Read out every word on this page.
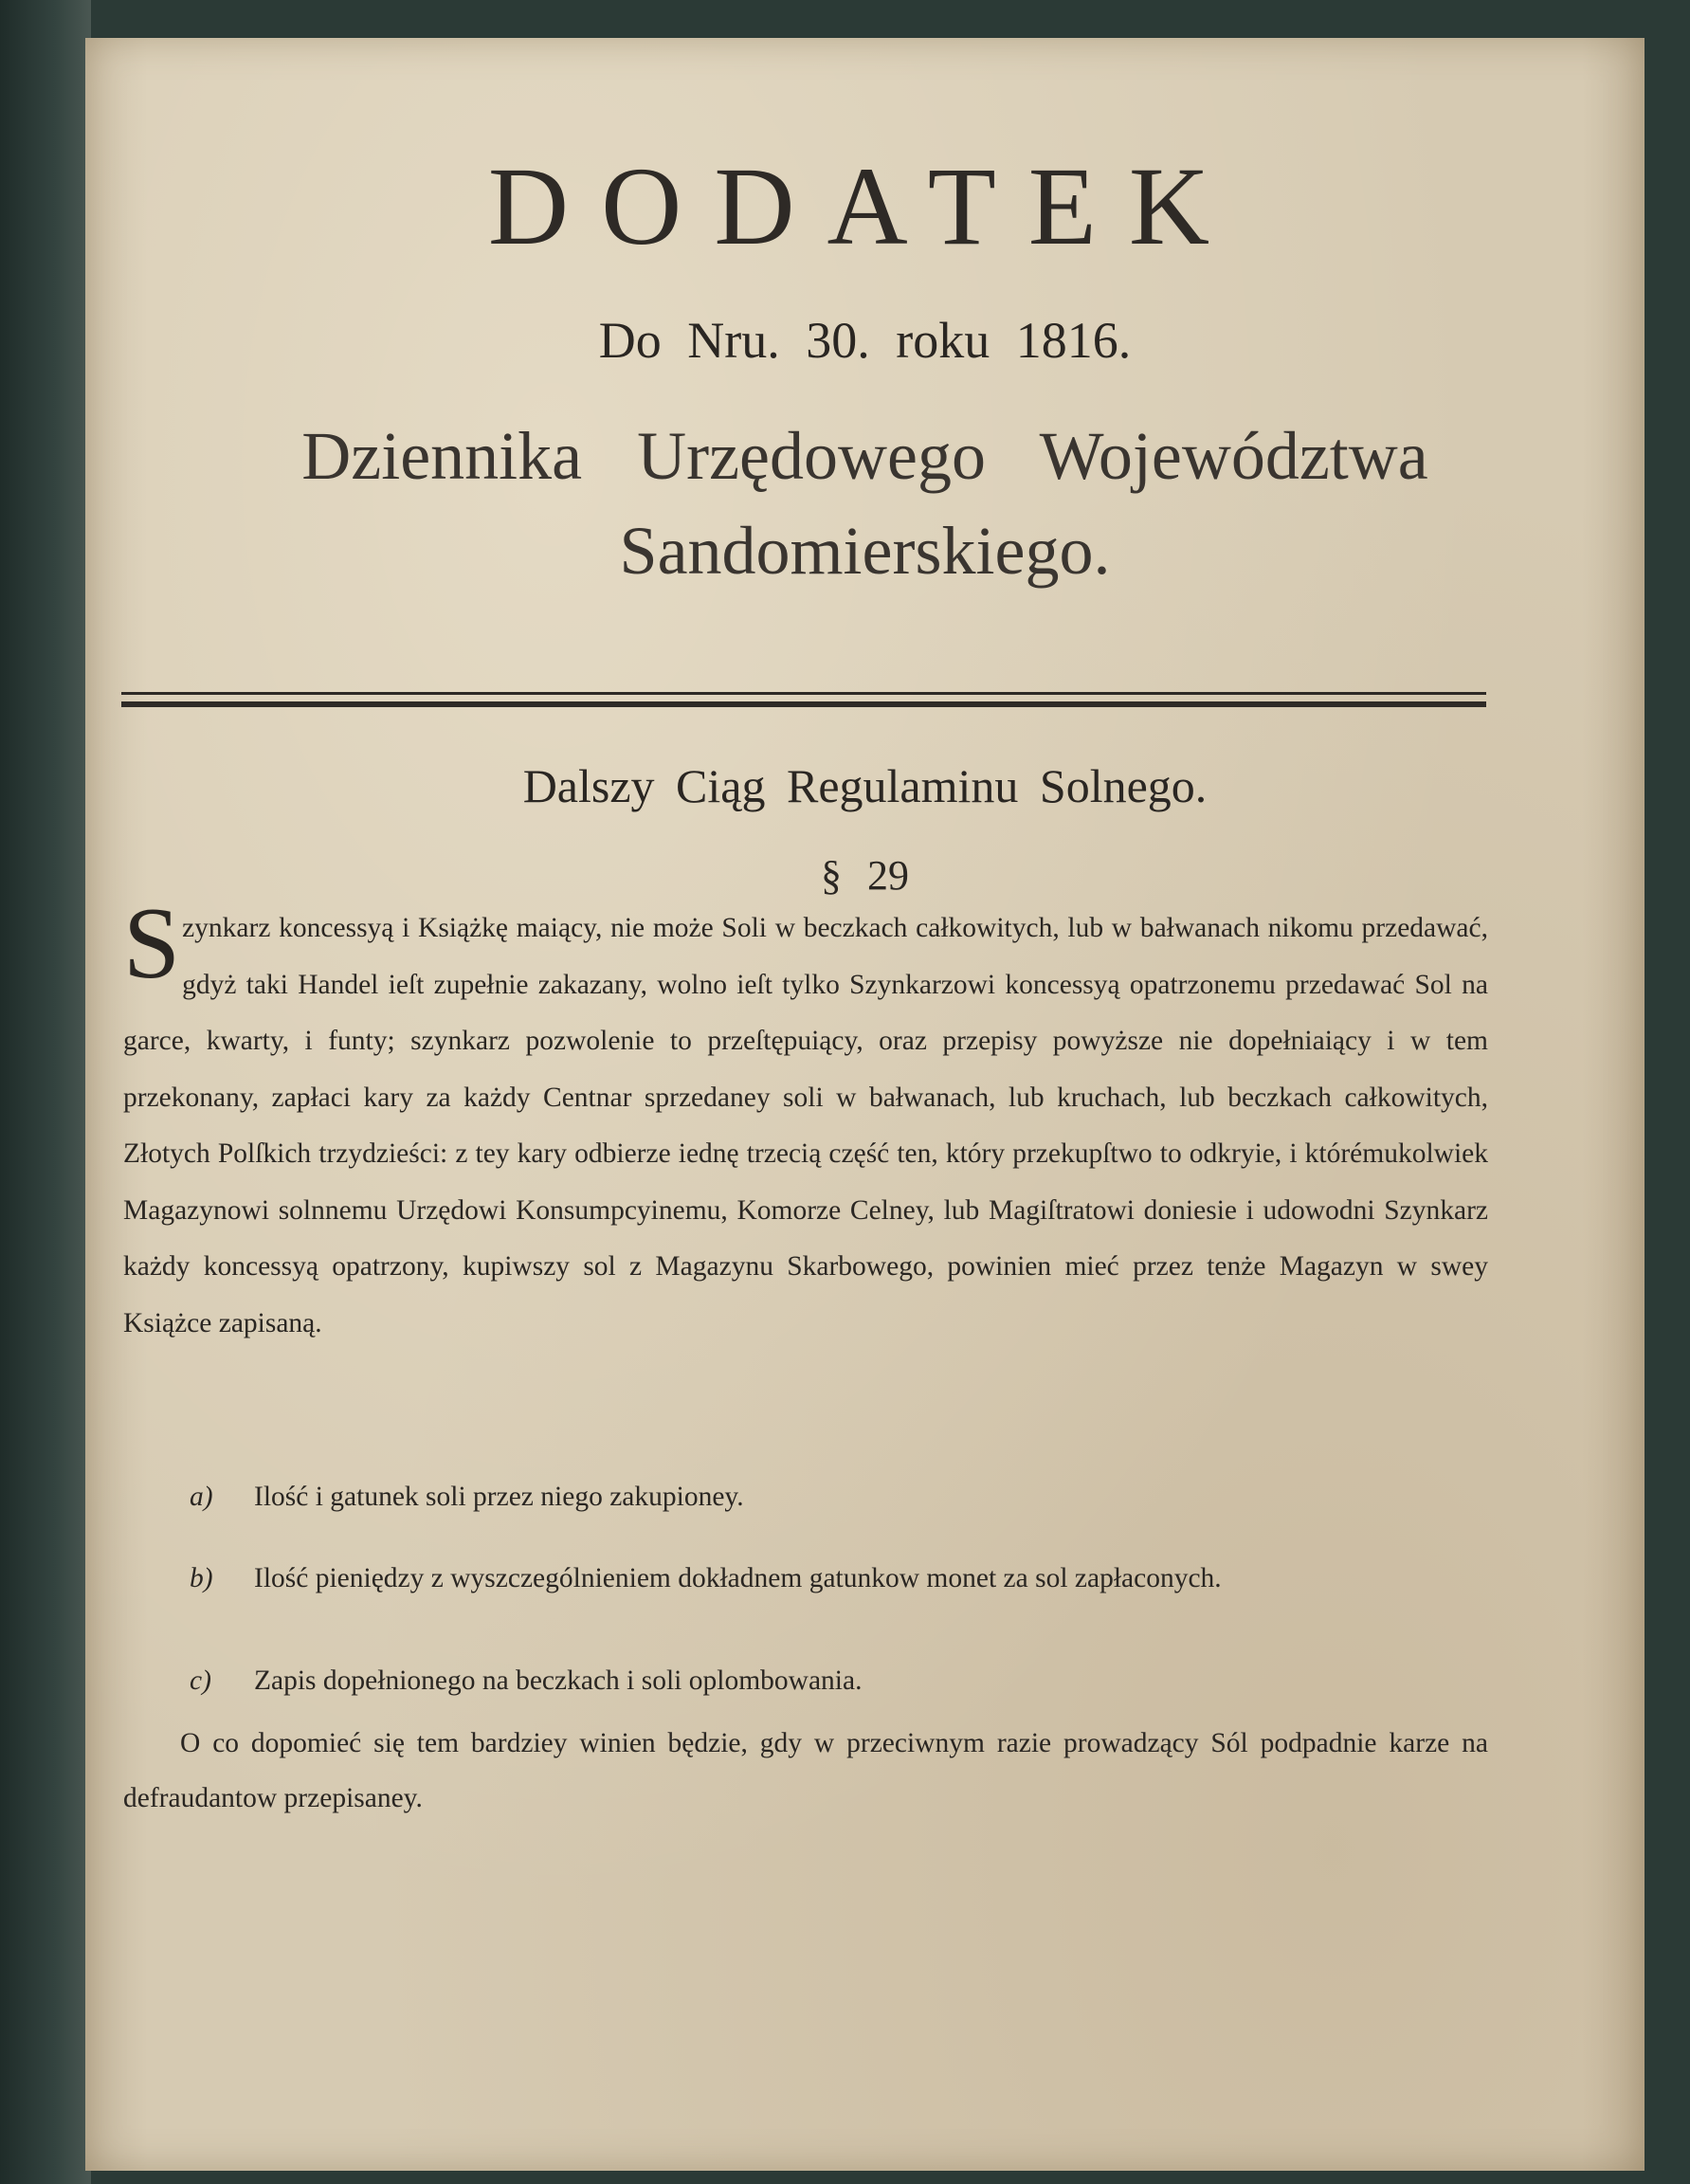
DODATEK
Do Nru. 30. roku 1816.
Dziennika Urzędowego Województwa
Sandomierskiego.
Dalszy Ciąg Regulaminu Solnego.
§ 29
Szynkarz koncessyą i Książkę maiący, nie może Soli w beczkach całkowitych, lub w bałwanach nikomu przedawać, gdyż taki Handel ieſt zupełnie zakazany, wolno ieſt tylko Szynkarzowi koncessyą opatrzonemu przedawać Sol na garce, kwarty, i funty; szynkarz pozwolenie to przeſtępuiący, oraz przepisy powyższe nie dopełniaiący i w tem przekonany, zapłaci kary za każdy Centnar sprzedaney soli w bałwanach, lub kruchach, lub beczkach całkowitych, Złotych Polſkich trzydzieści: z tey kary odbierze iednę trzecią część ten, który przekupſtwo to odkryie, i którémukolwiek Magazynowi solnnemu Urzędowi Konsumpcyinemu, Komorze Celney, lub Magiſtratowi doniesie i udowodni Szynkarz każdy koncessyą opatrzony, kupiwszy sol z Magazynu Skarbowego, powinien mieć przez tenże Magazyn w swey Książce zapisaną.
a) Ilość i gatunek soli przez niego zakupioney.
b) Ilość pieniędzy z wyszczególnieniem dokładnem gatunkow monet za sol zapłaconych.
c) Zapis dopełnionego na beczkach i soli oplombowania.
O co dopomieć się tem bardziey winien będzie, gdy w przeciwnym razie prowadzący Sól podpadnie karze na defraudantow przepisaney.
